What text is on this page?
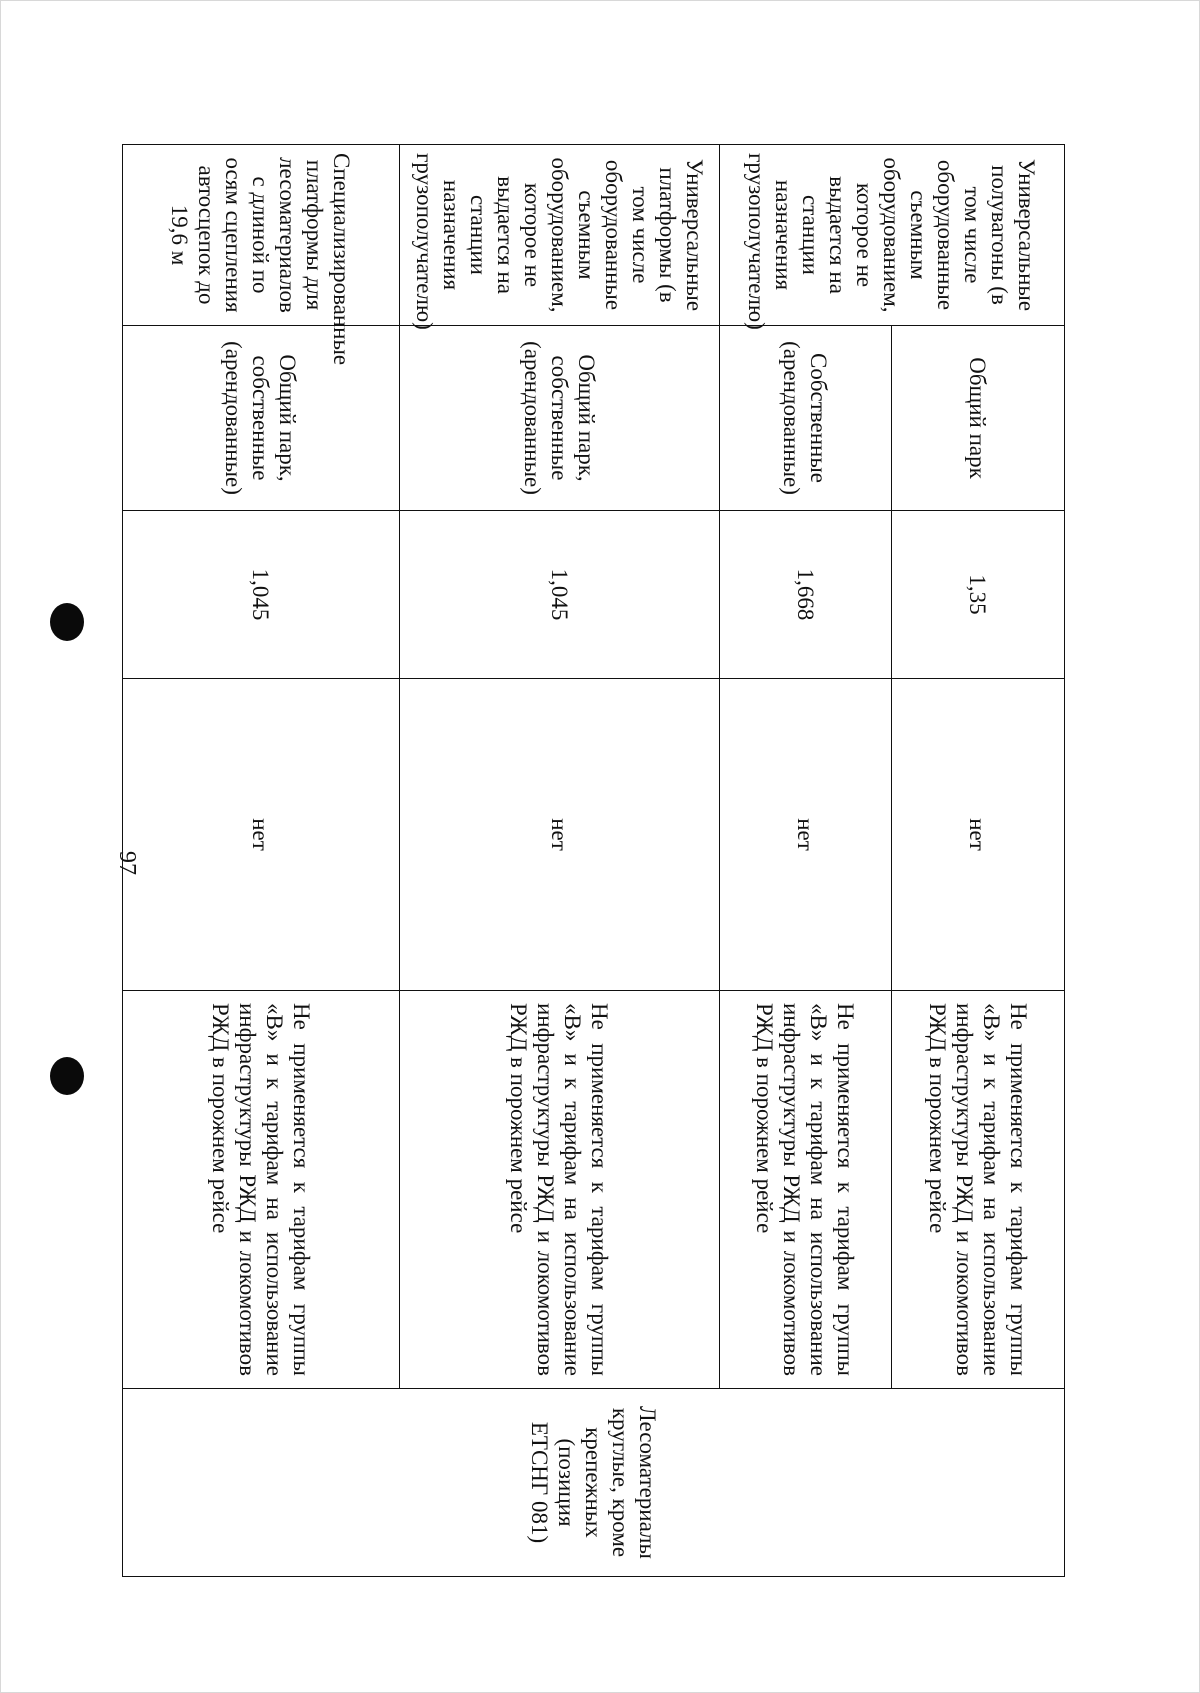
97
Универсальные полувагоны (в том числе оборудованные съемным оборудованием, которое не выдается на станции назначения грузополучателю)	Общий парк	1,35	нет	Не применяется к тарифам группы «В» и к тарифам на использование инфраструктуры РЖД и локомотивов РЖД в порожнем рейсе	Лесоматериалы круглые, кроме крепежных (позиция ЕТСНГ 081)

	Собственные (арендованные)	1,668	нет	Не применяется к тарифам группы «В» и к тарифам на использование инфраструктуры РЖД и локомотивов РЖД в порожнем рейсе	

Универсальные платформы (в том числе оборудованные съемным оборудованием, которое не выдается на станции назначения грузополучателю)	Общий парк, собственные (арендованные)	1,045	нет	Не применяется к тарифам группы «В» и к тарифам на использование инфраструктуры РЖД и локомотивов РЖД в порожнем рейсе	

Специализированные платформы для лесоматериалов с длиной по осям сцепления автосцепок до 19,6 м	Общий парк, собственные (арендованные)	1,045	нет	Не применяется к тарифам группы «В» и к тарифам на использование инфраструктуры РЖД и локомотивов РЖД в порожнем рейсе	
